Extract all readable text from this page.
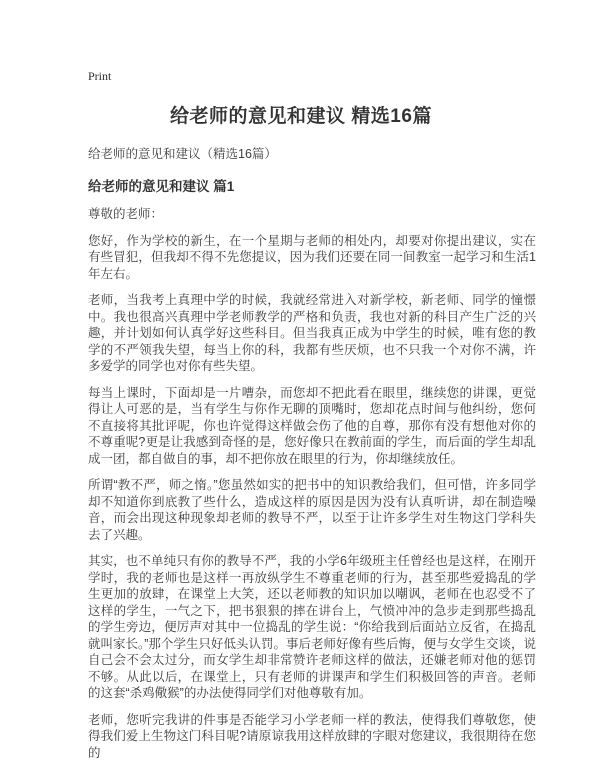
Print
给老师的意见和建议 精选16篇
给老师的意见和建议（精选16篇）
给老师的意见和建议 篇1

尊敬的老师：

您好，作为学校的新生，在一个星期与老师的相处内，却要对你提出建议，实在有些冒犯，但我却不得不先您提议，因为我们还要在同一间教室一起学习和生活1年左右。

老师，当我考上真理中学的时候，我就经常进入对新学校，新老师、同学的憧憬中。我也很高兴真理中学老师教学的严格和负责，我也对新的科目产生广泛的兴趣，并计划如何认真学好这些科目。但当我真正成为中学生的时候，唯有您的教学的不严领我失望，每当上你的科，我都有些厌烦，也不只我一个对你不满，许多爱学的同学也对你有些失望。

每当上课时，下面却是一片嘈杂，而您却不把此看在眼里，继续您的讲课，更觉得让人可恶的是，当有学生与你作无聊的顶嘴时，您却花点时间与他纠纷，您何不直接将其批评呢，你也许觉得这样做会伤了他的自尊，那你有没有想他对你的不尊重呢?更是让我感到奇怪的是，您好像只在教前面的学生，而后面的学生却乱成一团，都自做自的事，却不把你放在眼里的行为，你却继续放任。

所谓“教不严，师之惰。”您虽然如实的把书中的知识教给我们，但可惜，许多同学却不知道你到底教了些什么，造成这样的原因是因为没有认真听讲，却在制造噪音，而会出现这种现象却老师的教导不严，以至于让许多学生对生物这门学科失去了兴趣。

其实，也不单纯只有你的教导不严，我的小学6年级班主任曾经也是这样，在刚开学时，我的老师也是这样一再放纵学生不尊重老师的行为，甚至那些爱捣乱的学生更加的放肆，在课堂上大笑，还以老师教的知识加以嘲讽，老师在也忍受不了这样的学生，一气之下，把书狠狠的摔在讲台上，气愤冲冲的急步走到那些捣乱的学生旁边，便厉声对其中一位捣乱的学生说：“你给我到后面站立反省，在捣乱就叫家长。”那个学生只好低头认罚。事后老师好像有些后悔，便与女学生交谈，说自己会不会太过分，而女学生却非常赞许老师这样的做法，还嫌老师对他的惩罚不够。从此以后，在课堂上，只有老师的讲课声和学生们积极回答的声音。老师的这套“杀鸡儆猴”的办法使得同学们对他尊敬有加。

老师，您听完我讲的件事是否能学习小学老师一样的教法，使得我们尊敬您，使得我们爱上生物这门科目呢?请原谅我用这样放肆的字眼对您建议，我很期待在您的
